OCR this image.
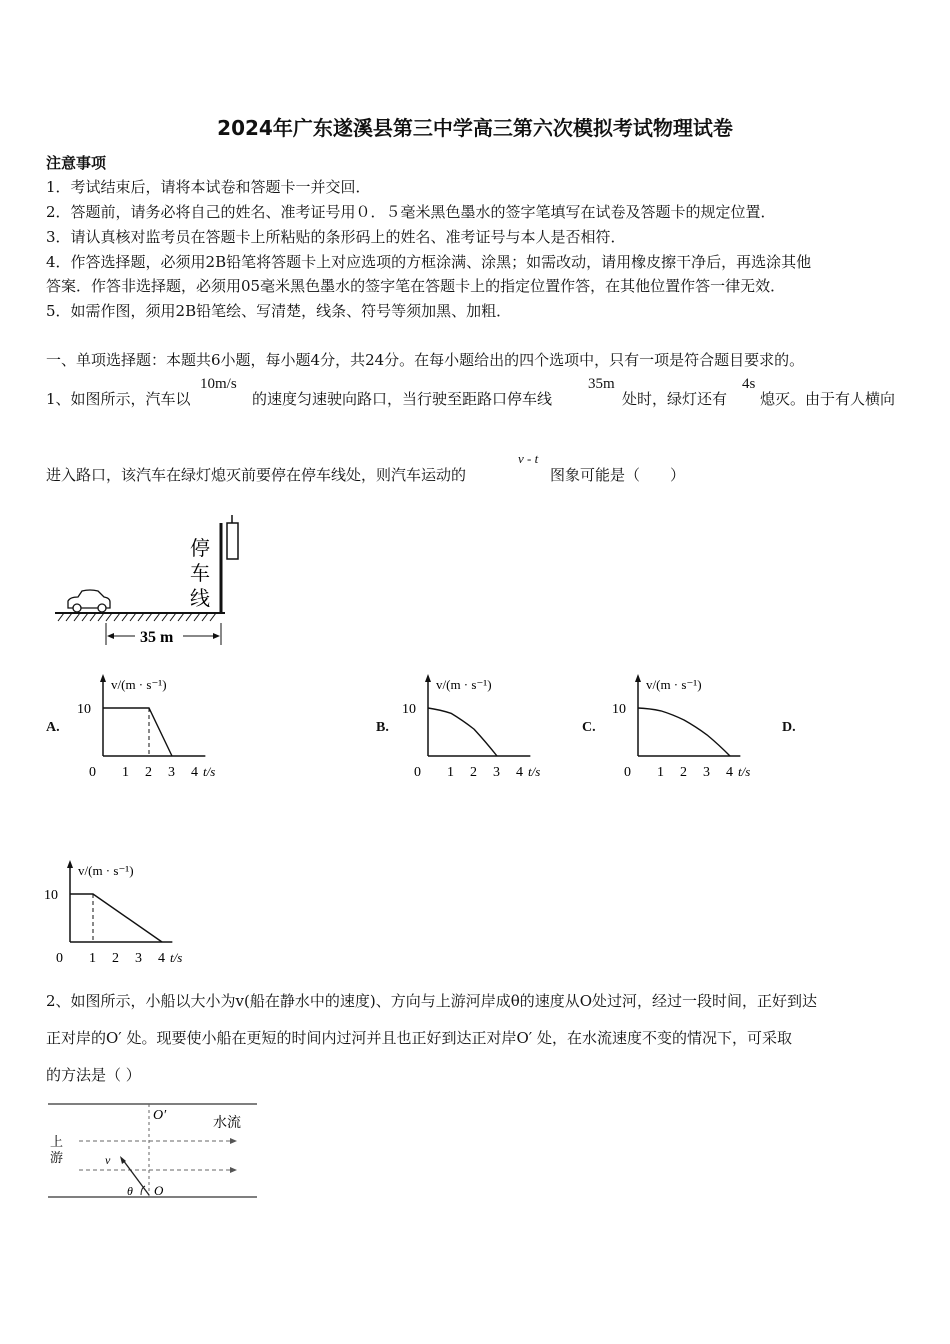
2024年广东遂溪县第三中学高三第六次模拟考试物理试卷
注意事项
1．考试结束后，请将本试卷和答题卡一并交回．
2．答题前，请务必将自己的姓名、准考证号用０．５毫米黑色墨水的签字笔填写在试卷及答题卡的规定位置．
3．请认真核对监考员在答题卡上所粘贴的条形码上的姓名、准考证号与本人是否相符．
4．作答选择题，必须用2B铅笔将答题卡上对应选项的方框涂满、涂黑；如需改动，请用橡皮擦干净后，再选涂其他
答案．作答非选择题，必须用05毫米黑色墨水的签字笔在答题卡上的指定位置作答，在其他位置作答一律无效．
5．如需作图，须用2B铅笔绘、写清楚，线条、符号等须加黑、加粗．
一、单项选择题：本题共6小题，每小题4分，共24分。在每小题给出的四个选项中，只有一项是符合题目要求的。
1、如图所示，汽车以
10m/s
的速度匀速驶向路口，当行驶至距路口停车线
35m
处时，绿灯还有
4s
熄灭。由于有人横向
进入路口，该汽车在绿灯熄灭前要停在停车线处，则汽车运动的
v - t
图象可能是（　　）
停
车
线
35 m
A.	B.	C.	D.
v/(m · s⁻¹)
10
0 1 2 3 4 t/s
v/(m · s⁻¹)
10
0 1 2 3 4 t/s
v/(m · s⁻¹)
10
0 1 2 3 4 t/s
v/(m · s⁻¹)
10
0 1 2 3 4 t/s
2、如图所示，小船以大小为v(船在静水中的速度)、方向与上游河岸成θ的速度从O处过河，经过一段时间，正好到达
正对岸的O′ 处。现要使小船在更短的时间内过河并且也正好到达正对岸O′ 处，在水流速度不变的情况下，可采取
的方法是（ ）
O′
水流
上
游	v
θ O
